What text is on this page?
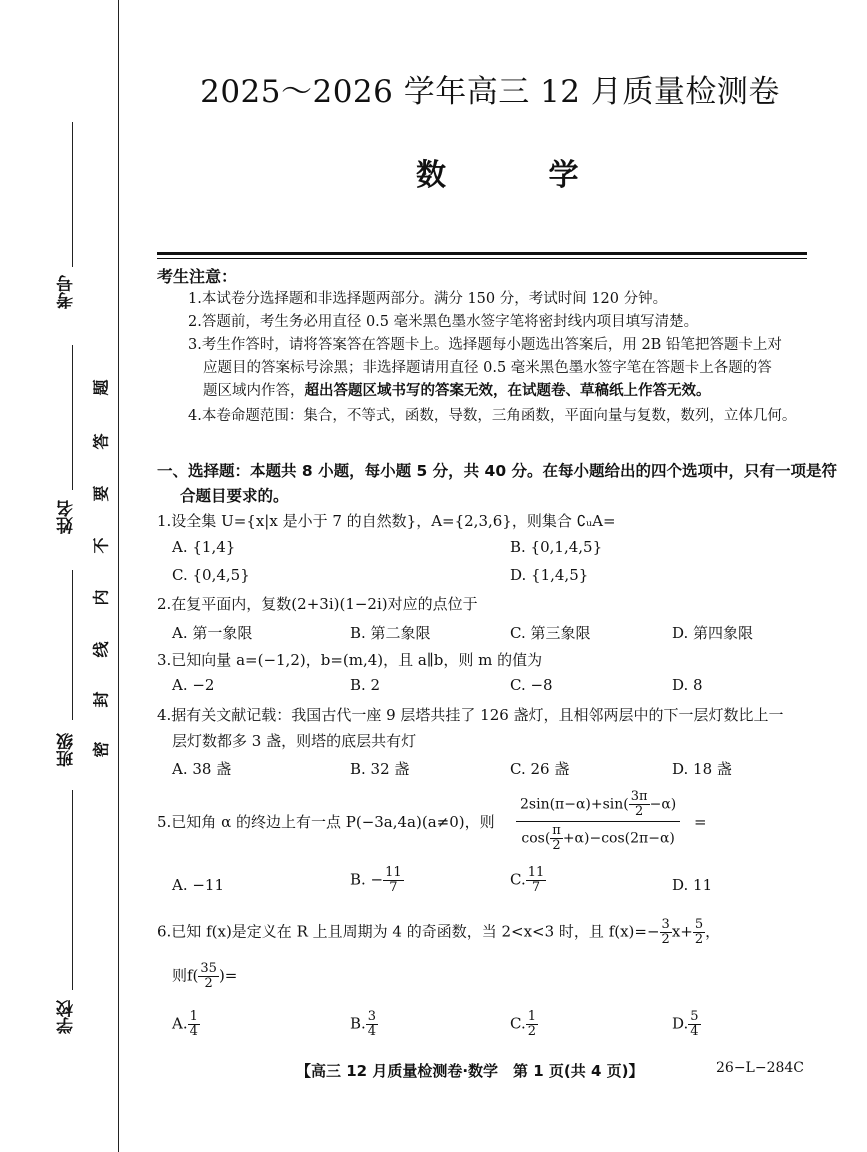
考号
姓名
班级
学校
密
封
线
内
不
要
答
题
2025～2026 学年高三 12 月质量检测卷
数 学
考生注意：
1.本试卷分选择题和非选择题两部分。满分 150 分，考试时间 120 分钟。
2.答题前，考生务必用直径 0.5 毫米黑色墨水签字笔将密封线内项目填写清楚。
3.考生作答时，请将答案答在答题卡上。选择题每小题选出答案后，用 2B 铅笔把答题卡上对
应题目的答案标号涂黑；非选择题请用直径 0.5 毫米黑色墨水签字笔在答题卡上各题的答
题区域内作答，超出答题区域书写的答案无效，在试题卷、草稿纸上作答无效。
4.本卷命题范围：集合，不等式，函数，导数，三角函数，平面向量与复数，数列，立体几何。
一、选择题：本题共 8 小题，每小题 5 分，共 40 分。在每小题给出的四个选项中，只有一项是符
合题目要求的。
1.设全集 U={x|x 是小于 7 的自然数}，A={2,3,6}，则集合 ∁ᵤA=
A. {1,4}	B. {0,1,4,5}
C. {0,4,5}	D. {1,4,5}
2.在复平面内，复数(2+3i)(1−2i)对应的点位于
A. 第一象限	B. 第二象限	C. 第三象限	D. 第四象限
3.已知向量 a=(−1,2)，b=(m,4)，且 a∥b，则 m 的值为
A. −2	B. 2	C. −8	D. 8
4.据有关文献记载：我国古代一座 9 层塔共挂了 126 盏灯，且相邻两层中的下一层灯数比上一
层灯数都多 3 盏，则塔的底层共有灯
A. 38 盏	B. 32 盏	C. 26 盏	D. 18 盏
5.已知角 α 的终边上有一点 P(−3a,4a)(a≠0)，则 $\frac{2\sin(\pi-\alpha)+\sin( \frac{3\pi}{2} -\alpha)}{\cos( \frac{\pi}{2} +\alpha)-\cos(2\pi-\alpha)}$ =
A. −11	B. − $\frac{11}{7}$	C. $\frac{11}{7}$	D. 11
6.已知 f(x)是定义在 R 上且周期为 4 的奇函数，当 2<x<3 时，且 $f(x)=- \frac{3}{2} x+ \frac{5}{2}$ ，
则$f( \frac{35}{2}$ )=
A. $\frac{1}{4}$	B. $\frac{3}{4}$	C. $\frac{1}{2}$	D. $\frac{5}{4}$
【高三 12 月质量检测卷·数学　第 1 页(共 4 页)】	26−L−284C
